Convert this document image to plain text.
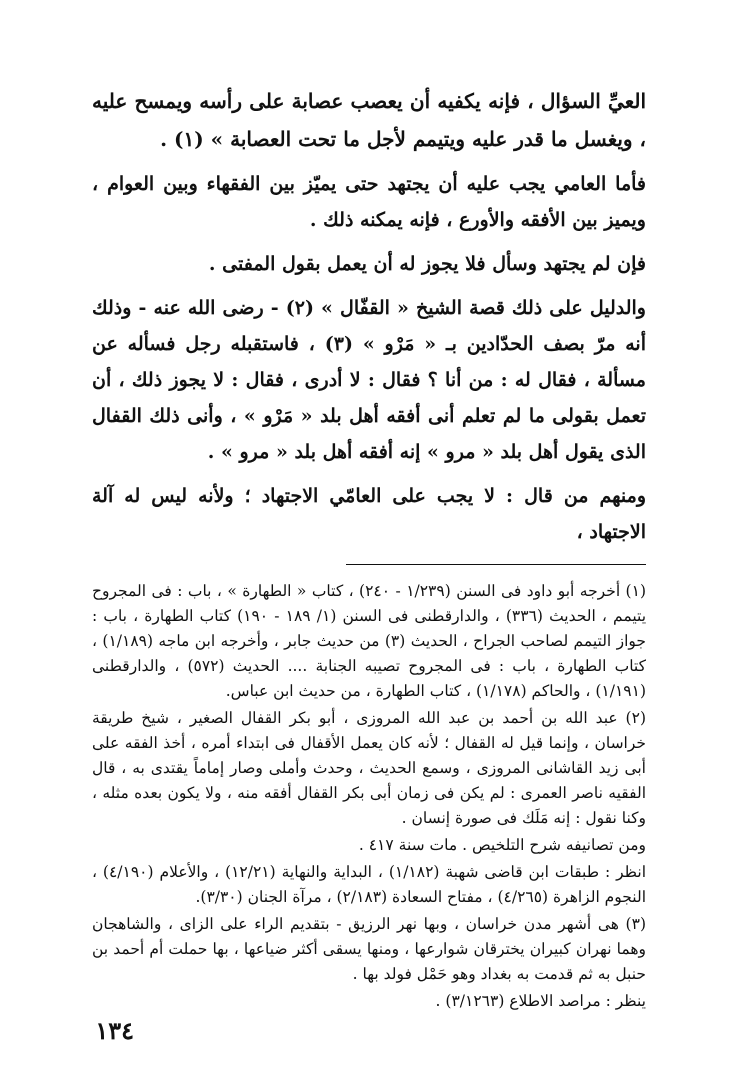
العيِّ السؤال ، فإنه يكفيه أن يعصب عصابة على رأسه ويمسح عليه ، ويغسل ما قدر عليه ويتيمم لأجل ما تحت العصابة » (١) .

فأما العامي يجب عليه أن يجتهد حتى يميّز بين الفقهاء وبين العوام ، ويميز بين الأفقه والأورع ، فإنه يمكنه ذلك .

فإن لم يجتهد وسأل فلا يجوز له أن يعمل بقول المفتى .

والدليل على ذلك قصة الشيخ « القفّال » (٢) - رضى الله عنه - وذلك أنه مرّ بصف الحدّادين بـ « مَرْو » (٣) ، فاستقبله رجل فسأله عن مسألة ، فقال له : من أنا ؟ فقال : لا أدرى ، فقال : لا يجوز ذلك ، أن تعمل بقولى ما لم تعلم أنى أفقه أهل بلد « مَرْو » ، وأنى ذلك القفال الذى يقول أهل بلد « مرو » إنه أفقه أهل بلد « مرو » .

ومنهم من قال : لا يجب على العامّي الاجتهاد ؛ ولأنه ليس له آلة الاجتهاد ،

(١) أخرجه أبو داود فى السنن (١/٢٣٩ - ٢٤٠) ، كتاب « الطهارة » ، باب : فى المجروح يتيمم ، الحديث (٣٣٦) ، والدارقطنى فى السنن (١/ ١٨٩ - ١٩٠) كتاب الطهارة ، باب : جواز التيمم لصاحب الجراح ، الحديث (٣) من حديث جابر ، وأخرجه ابن ماجه (١/١٨٩) ، كتاب الطهارة ، باب : فى المجروح تصيبه الجنابة .... الحديث (٥٧٢) ، والدارقطنى (١/١٩١) ، والحاكم (١/١٧٨) ، كتاب الطهارة ، من حديث ابن عباس.

(٢) عبد الله بن أحمد بن عبد الله المروزى ، أبو بكر القفال الصغير ، شيخ طريقة خراسان ، وإنما قيل له القفال ؛ لأنه كان يعمل الأقفال فى ابتداء أمره ، أخذ الفقه على أبى زيد القاشانى المروزى ، وسمع الحديث ، وحدث وأملى وصار إماماً يقتدى به ، قال الفقيه ناصر العمرى : لم يكن فى زمان أبى بكر القفال أفقه منه ، ولا يكون بعده مثله ، وكنا نقول : إنه مَلَك فى صورة إنسان .

ومن تصانيفه شرح التلخيص . مات سنة ٤١٧ .

انظر : طبقات ابن قاضى شهبة (١/١٨٢) ، البداية والنهاية (١٢/٢١) ، والأعلام (٤/١٩٠) ، النجوم الزاهرة (٤/٢٦٥) ، مفتاح السعادة (٢/١٨٣) ، مرآة الجنان (٣/٣٠).

(٣) هى أشهر مدن خراسان ، وبها نهر الرزيق - بتقديم الراء على الزاى ، والشاهجان وهما نهران كبيران يخترقان شوارعها ، ومنها يسقى أكثر ضياعها ، بها حملت أم أحمد بن حنبل به ثم قدمت به بغداد وهو حَمْل فولد بها .

ينظر : مراصد الاطلاع (٣/١٢٦٣) .

١٣٤
